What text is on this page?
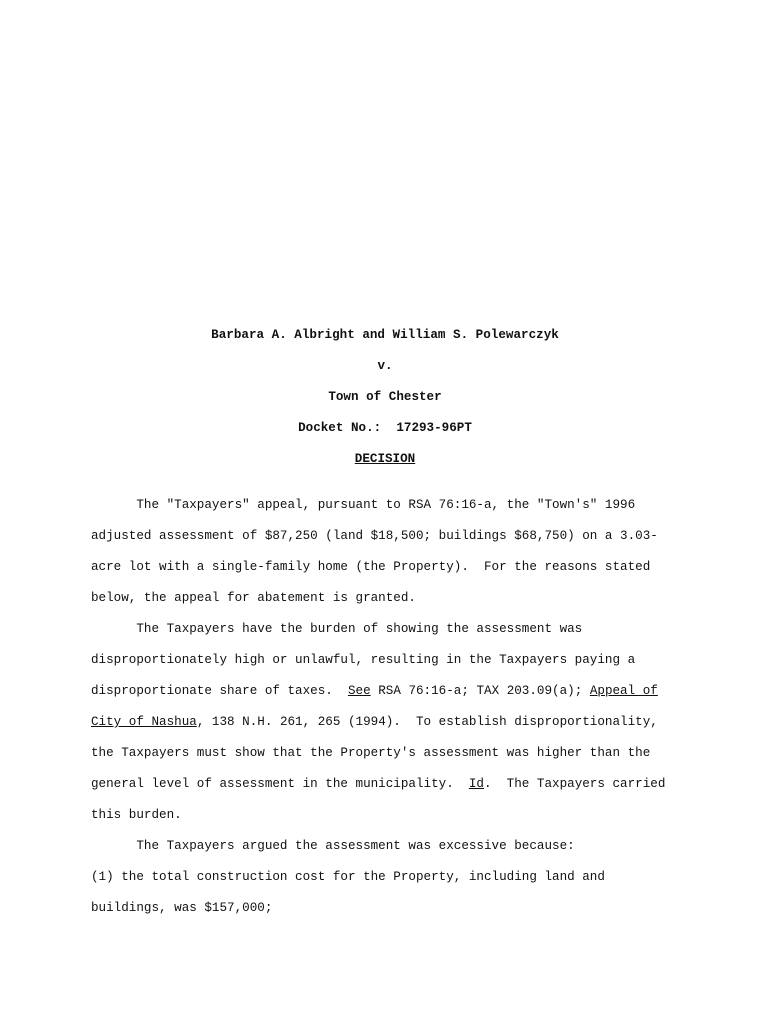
Barbara A. Albright and William S. Polewarczyk
v.
Town of Chester
Docket No.:  17293-96PT
DECISION
The "Taxpayers" appeal, pursuant to RSA 76:16-a, the "Town's" 1996
adjusted assessment of $87,250 (land $18,500; buildings $68,750) on a 3.03-
acre lot with a single-family home (the Property).  For the reasons stated
below, the appeal for abatement is granted.
The Taxpayers have the burden of showing the assessment was
disproportionately high or unlawful, resulting in the Taxpayers paying a
disproportionate share of taxes.  See RSA 76:16-a; TAX 203.09(a); Appeal of
City of Nashua, 138 N.H. 261, 265 (1994).  To establish disproportionality,
the Taxpayers must show that the Property's assessment was higher than the
general level of assessment in the municipality.  Id.  The Taxpayers carried
this burden.
The Taxpayers argued the assessment was excessive because:
(1) the total construction cost for the Property, including land and
buildings, was $157,000;
